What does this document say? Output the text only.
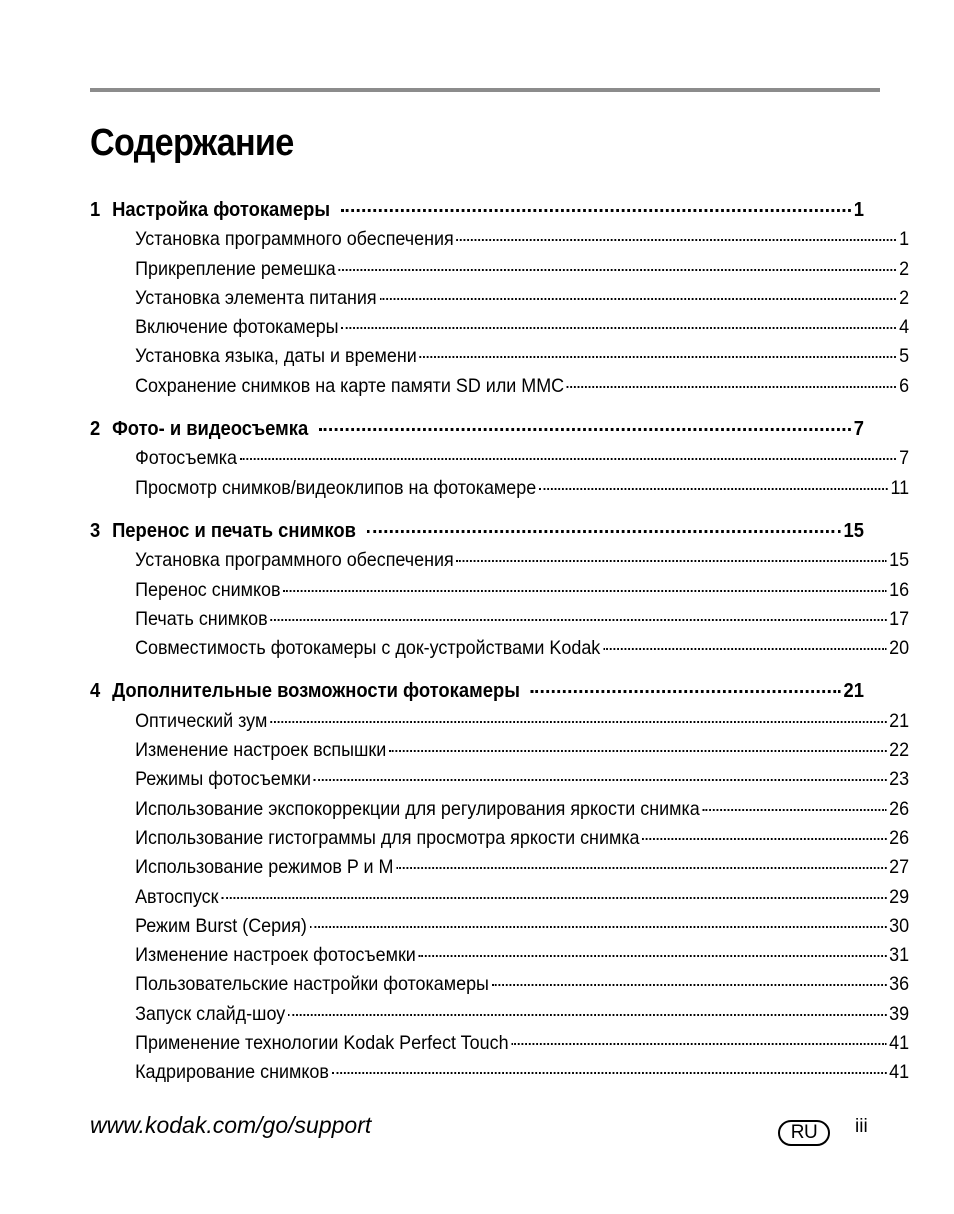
Содержание
1 Настройка фотокамеры	1
Установка программного обеспечения	1
Прикрепление ремешка	2
Установка элемента питания	2
Включение фотокамеры	4
Установка языка, даты и времени	5
Сохранение снимков на карте памяти SD или MMC	6
2 Фото- и видеосъемка	7
Фотосъемка	7
Просмотр снимков/видеоклипов на фотокамере	11
3 Перенос и печать снимков	15
Установка программного обеспечения	15
Перенос снимков	16
Печать снимков	17
Совместимость фотокамеры с док-устройствами Kodak	20
4 Дополнительные возможности фотокамеры	21
Оптический зум	21
Изменение настроек вспышки	22
Режимы фотосъемки	23
Использование экспокоррекции для регулирования яркости снимка	26
Использование гистограммы для просмотра яркости снимка	26
Использование режимов P и M	27
Автоспуск	29
Режим Burst (Серия)	30
Изменение настроек фотосъемки	31
Пользовательские настройки фотокамеры	36
Запуск слайд-шоу	39
Применение технологии Kodak Perfect Touch	41
Кадрирование снимков	41
www.kodak.com/go/support	RU	iii
